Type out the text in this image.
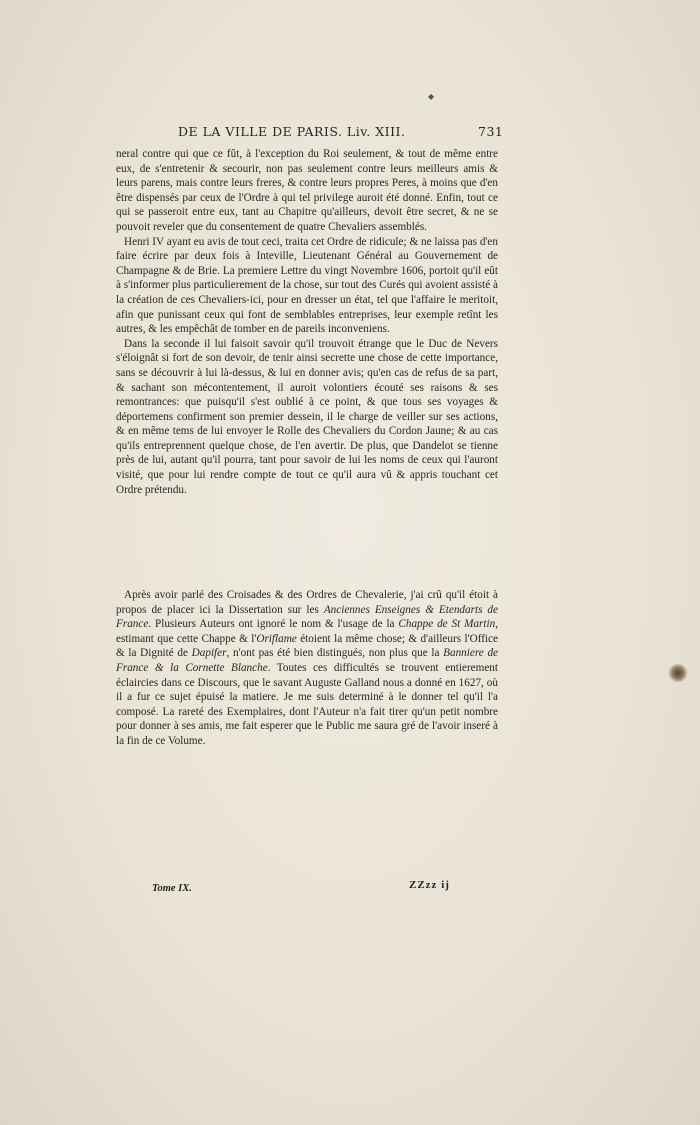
◆
DE LA VILLE DE PARIS. Liv. XIII.	731

neral contre qui que ce fût, à l'exception du Roi seulement, & tout de même entre eux, de s'entretenir & secourir, non pas seulement contre leurs meilleurs amis & leurs parens, mais contre leurs freres, & contre leurs propres Peres, à moins que d'en être dispensés par ceux de l'Ordre à qui tel privilege auroit été donné. Enfin, tout ce qui se passeroit entre eux, tant au Chapitre qu'ailleurs, devoit être secret, & ne se pouvoit reveler que du consentement de quatre Chevaliers assemblés.

Henri IV ayant eu avis de tout ceci, traita cet Ordre de ridicule; & ne laissa pas d'en faire écrire par deux fois à Inteville, Lieutenant Général au Gouvernement de Champagne & de Brie. La premiere Lettre du vingt Novembre 1606, portoit qu'il eût à s'informer plus particulierement de la chose, sur tout des Curés qui avoient assisté à la création de ces Chevaliers-ici, pour en dresser un état, tel que l'affaire le meritoit, afin que punissant ceux qui font de semblables entreprises, leur exemple retînt les autres, & les empêchât de tomber en de pareils inconveniens.

Dans la seconde il lui faisoit savoir qu'il trouvoit étrange que le Duc de Nevers s'éloignât si fort de son devoir, de tenir ainsi secrette une chose de cette importance, sans se découvrir à lui là-dessus, & lui en donner avis; qu'en cas de refus de sa part, & sachant son mécontentement, il auroit volontiers écouté ses raisons & ses remontrances: que puisqu'il s'est oublié à ce point, & que tous ses voyages & déportemens confirment son premier dessein, il le charge de veiller sur ses actions, & en même tems de lui envoyer le Rolle des Chevaliers du Cordon Jaune; & au cas qu'ils entreprennent quelque chose, de l'en avertir. De plus, que Dandelot se tienne près de lui, autant qu'il pourra, tant pour savoir de lui les noms de ceux qui l'auront visité, que pour lui rendre compte de tout ce qu'il aura vû & appris touchant cet Ordre prétendu.

Après avoir parlé des Croisades & des Ordres de Chevalerie, j'ai crû qu'il étoit à propos de placer ici la Dissertation sur les Anciennes Enseignes & Etendarts de France. Plusieurs Auteurs ont ignoré le nom & l'usage de la Chappe de St Martin, estimant que cette Chappe & l'Oriflame étoient la même chose; & d'ailleurs l'Office & la Dignité de Dapifer, n'ont pas été bien distingués, non plus que la Banniere de France & la Cornette Blanche. Toutes ces difficultés se trouvent entierement éclaircies dans ce Discours, que le savant Auguste Galland nous a donné en 1627, où il a fur ce sujet épuisé la matiere. Je me suis determiné à le donner tel qu'il l'a composé. La rareté des Exemplaires, dont l'Auteur n'a fait tirer qu'un petit nombre pour donner à ses amis, me fait esperer que le Public me saura gré de l'avoir inseré à la fin de ce Volume.

Tome IX.	ZZzz ij
